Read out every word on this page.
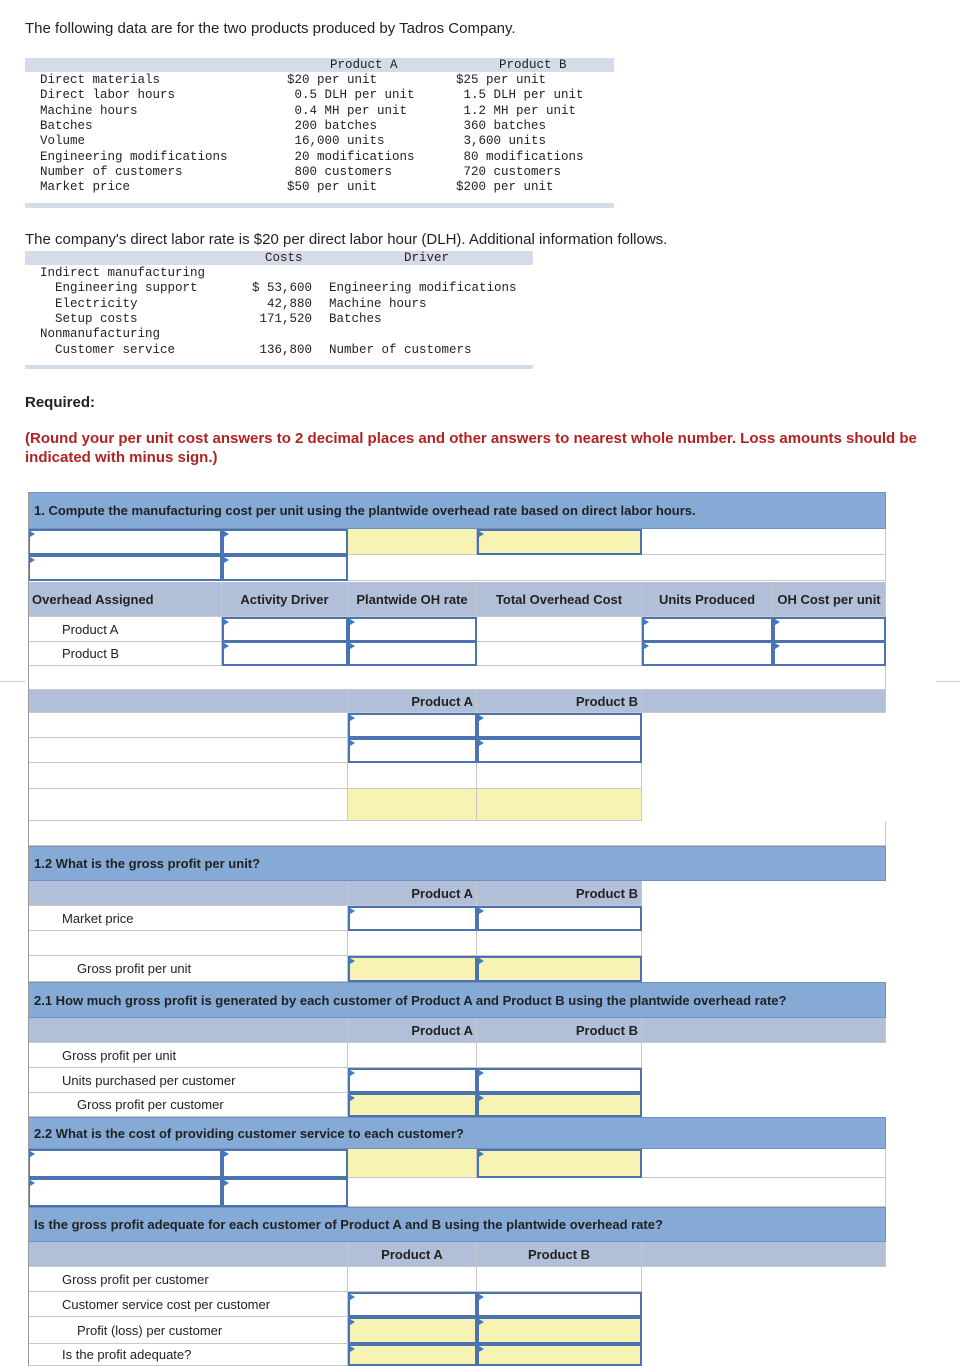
The following data are for the two products produced by Tadros Company.
Product A	Product B
Direct materials	$20 per unit	$25 per unit
Direct labor hours	0.5 DLH per unit	1.5 DLH per unit
Machine hours	0.4 MH per unit	1.2 MH per unit
Batches	200 batches	360 batches
Volume	16,000 units	3,600 units
Engineering modifications	20 modifications	80 modifications
Number of customers	800 customers	720 customers
Market price	$50 per unit	$200 per unit
The company's direct labor rate is $20 per direct labor hour (DLH). Additional information follows.
Costs	Driver
Indirect manufacturing
Engineering support	$ 53,600 Engineering modifications
Electricity	42,880 Machine hours
Setup costs	171,520 Batches
Nonmanufacturing
Customer service	136,800 Number of customers
Required:
(Round your per unit cost answers to 2 decimal places and other answers to nearest whole number. Loss amounts should be indicated with minus sign.)
1. Compute the manufacturing cost per unit using the plantwide overhead rate based on direct labor hours.
Overhead Assigned	Activity Driver	Plantwide OH rate	Total Overhead Cost	Units Produced	OH Cost per unit
Product A
Product B
Product A	Product B
1.2 What is the gross profit per unit?
Product A	Product B
Market price
Gross profit per unit
2.1 How much gross profit is generated by each customer of Product A and Product B using the plantwide overhead rate?
Product A	Product B
Gross profit per unit
Units purchased per customer
Gross profit per customer
2.2 What is the cost of providing customer service to each customer?
Is the gross profit adequate for each customer of Product A and B using the plantwide overhead rate?
Product A	Product B
Gross profit per customer
Customer service cost per customer
Profit (loss) per customer
Is the profit adequate?
